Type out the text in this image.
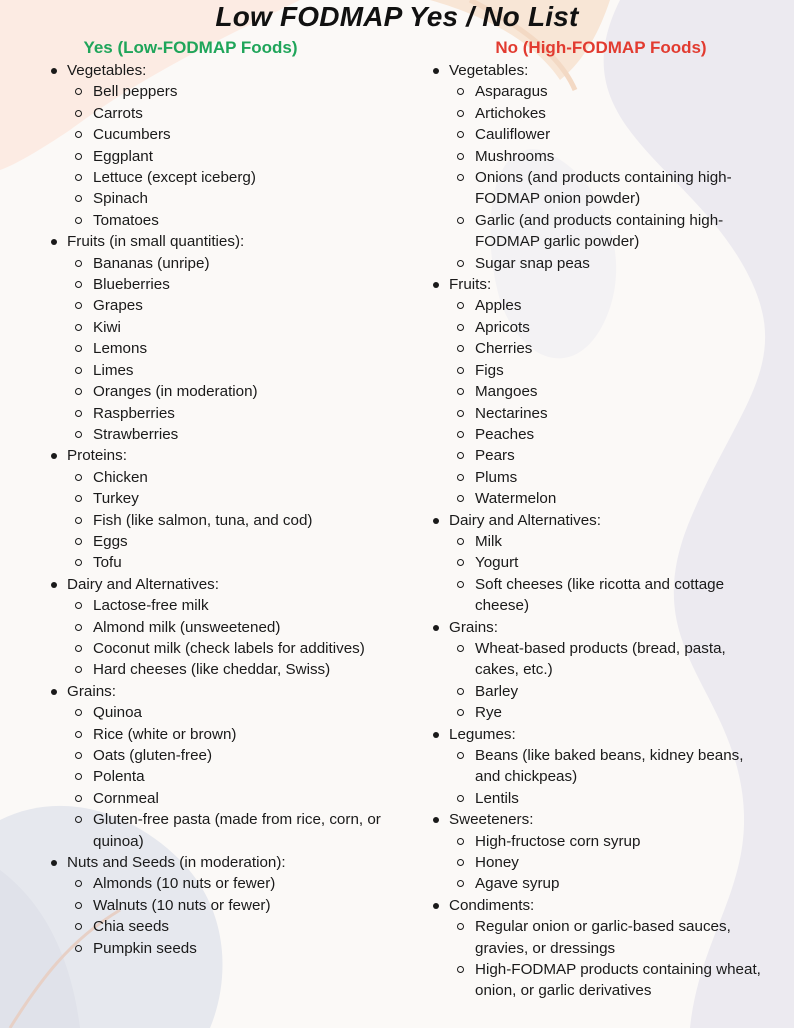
Low FODMAP Yes / No List
Yes (Low-FODMAP Foods)
Vegetables:
Bell peppers
Carrots
Cucumbers
Eggplant
Lettuce (except iceberg)
Spinach
Tomatoes
Fruits (in small quantities):
Bananas (unripe)
Blueberries
Grapes
Kiwi
Lemons
Limes
Oranges (in moderation)
Raspberries
Strawberries
Proteins:
Chicken
Turkey
Fish (like salmon, tuna, and cod)
Eggs
Tofu
Dairy and Alternatives:
Lactose-free milk
Almond milk (unsweetened)
Coconut milk (check labels for additives)
Hard cheeses (like cheddar, Swiss)
Grains:
Quinoa
Rice (white or brown)
Oats (gluten-free)
Polenta
Cornmeal
Gluten-free pasta (made from rice, corn, or quinoa)
Nuts and Seeds (in moderation):
Almonds (10 nuts or fewer)
Walnuts (10 nuts or fewer)
Chia seeds
Pumpkin seeds
No (High-FODMAP Foods)
Vegetables:
Asparagus
Artichokes
Cauliflower
Mushrooms
Onions (and products containing high-FODMAP onion powder)
Garlic (and products containing high-FODMAP garlic powder)
Sugar snap peas
Fruits:
Apples
Apricots
Cherries
Figs
Mangoes
Nectarines
Peaches
Pears
Plums
Watermelon
Dairy and Alternatives:
Milk
Yogurt
Soft cheeses (like ricotta and cottage cheese)
Grains:
Wheat-based products (bread, pasta, cakes, etc.)
Barley
Rye
Legumes:
Beans (like baked beans, kidney beans, and chickpeas)
Lentils
Sweeteners:
High-fructose corn syrup
Honey
Agave syrup
Condiments:
Regular onion or garlic-based sauces, gravies, or dressings
High-FODMAP products containing wheat, onion, or garlic derivatives
